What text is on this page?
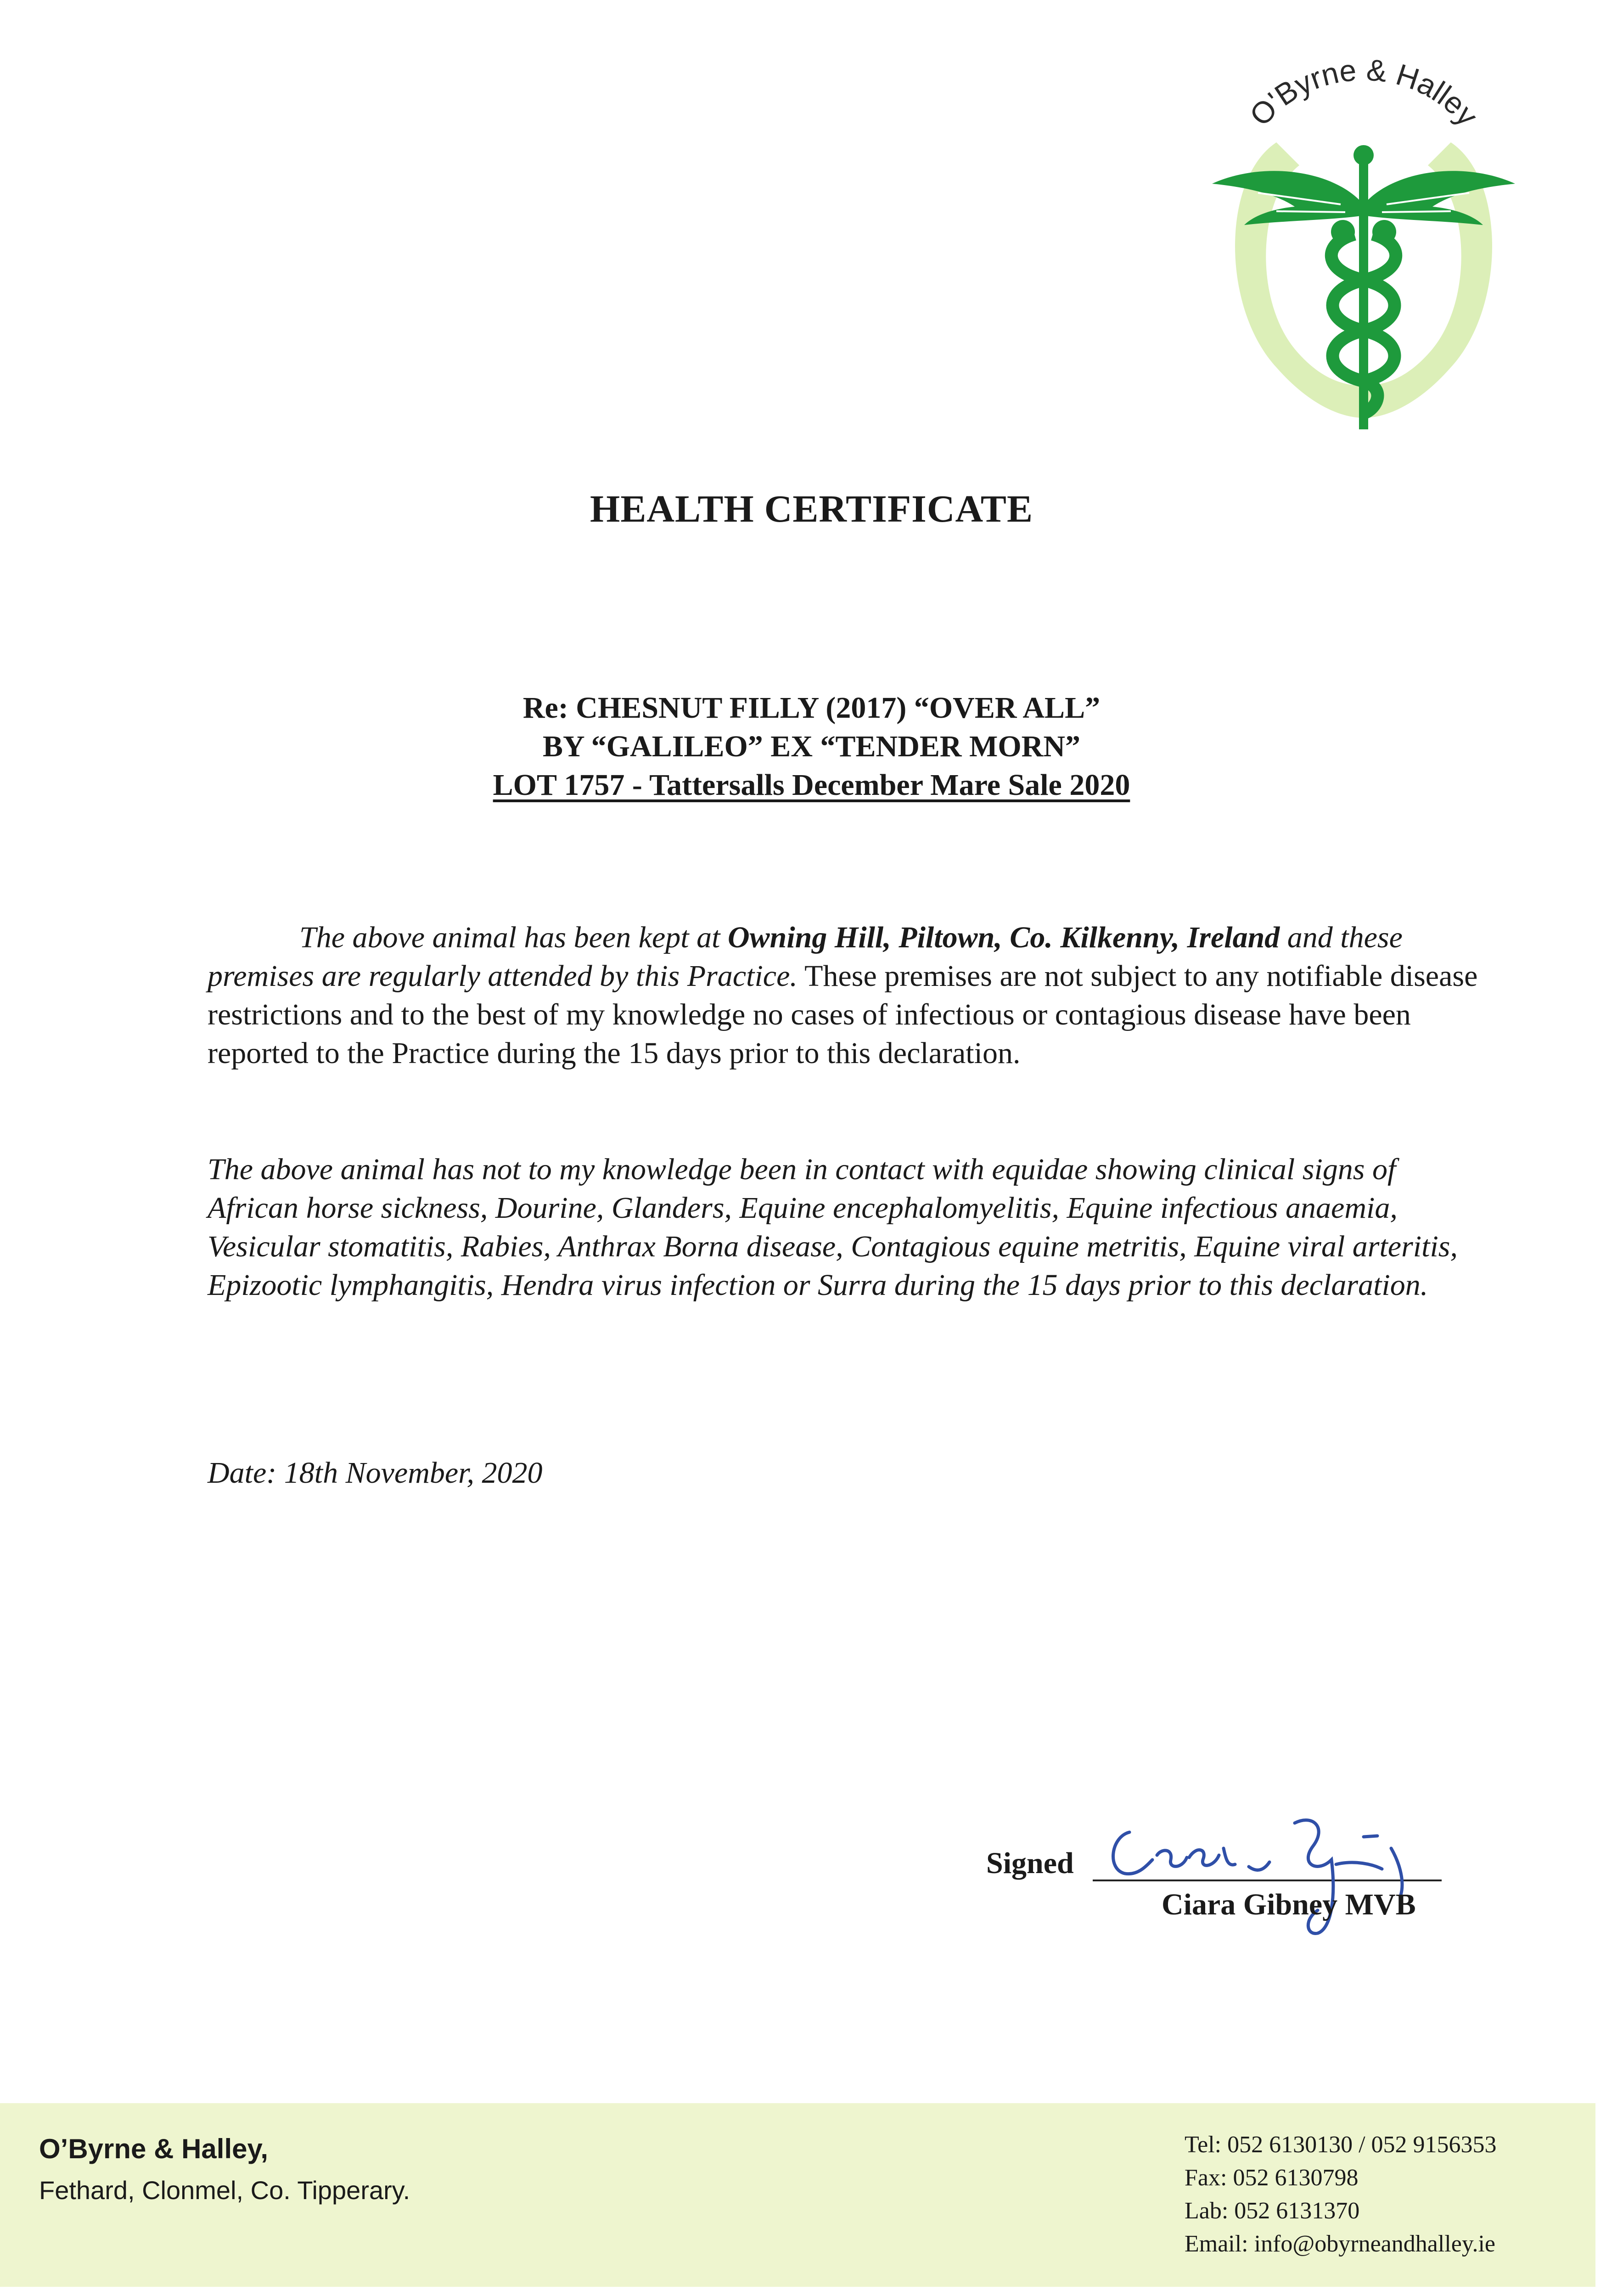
O'Byrne & Halley
HEALTH CERTIFICATE
Re: CHESNUT FILLY (2017) “OVER ALL”
BY “GALILEO” EX “TENDER MORN”
LOT 1757 - Tattersalls December Mare Sale 2020
The above animal has been kept at Owning Hill, Piltown, Co. Kilkenny, Ireland and these premises are regularly attended by this Practice. These premises are not subject to any notifiable disease restrictions and to the best of my knowledge no cases of infectious or contagious disease have been reported to the Practice during the 15 days prior to this declaration.
The above animal has not to my knowledge been in contact with equidae showing clinical signs of African horse sickness, Dourine, Glanders, Equine encephalomyelitis, Equine infectious anaemia, Vesicular stomatitis, Rabies, Anthrax Borna disease, Contagious equine metritis, Equine viral arteritis, Epizootic lymphangitis, Hendra virus infection or Surra during the 15 days prior to this declaration.
Date: 18th November, 2020
Signed
Ciara Gibney MVB
O’Byrne & Halley,
Fethard, Clonmel, Co. Tipperary.
Tel: 052 6130130 / 052 9156353
Fax: 052 6130798
Lab: 052 6131370
Email: info@obyrneandhalley.ie
